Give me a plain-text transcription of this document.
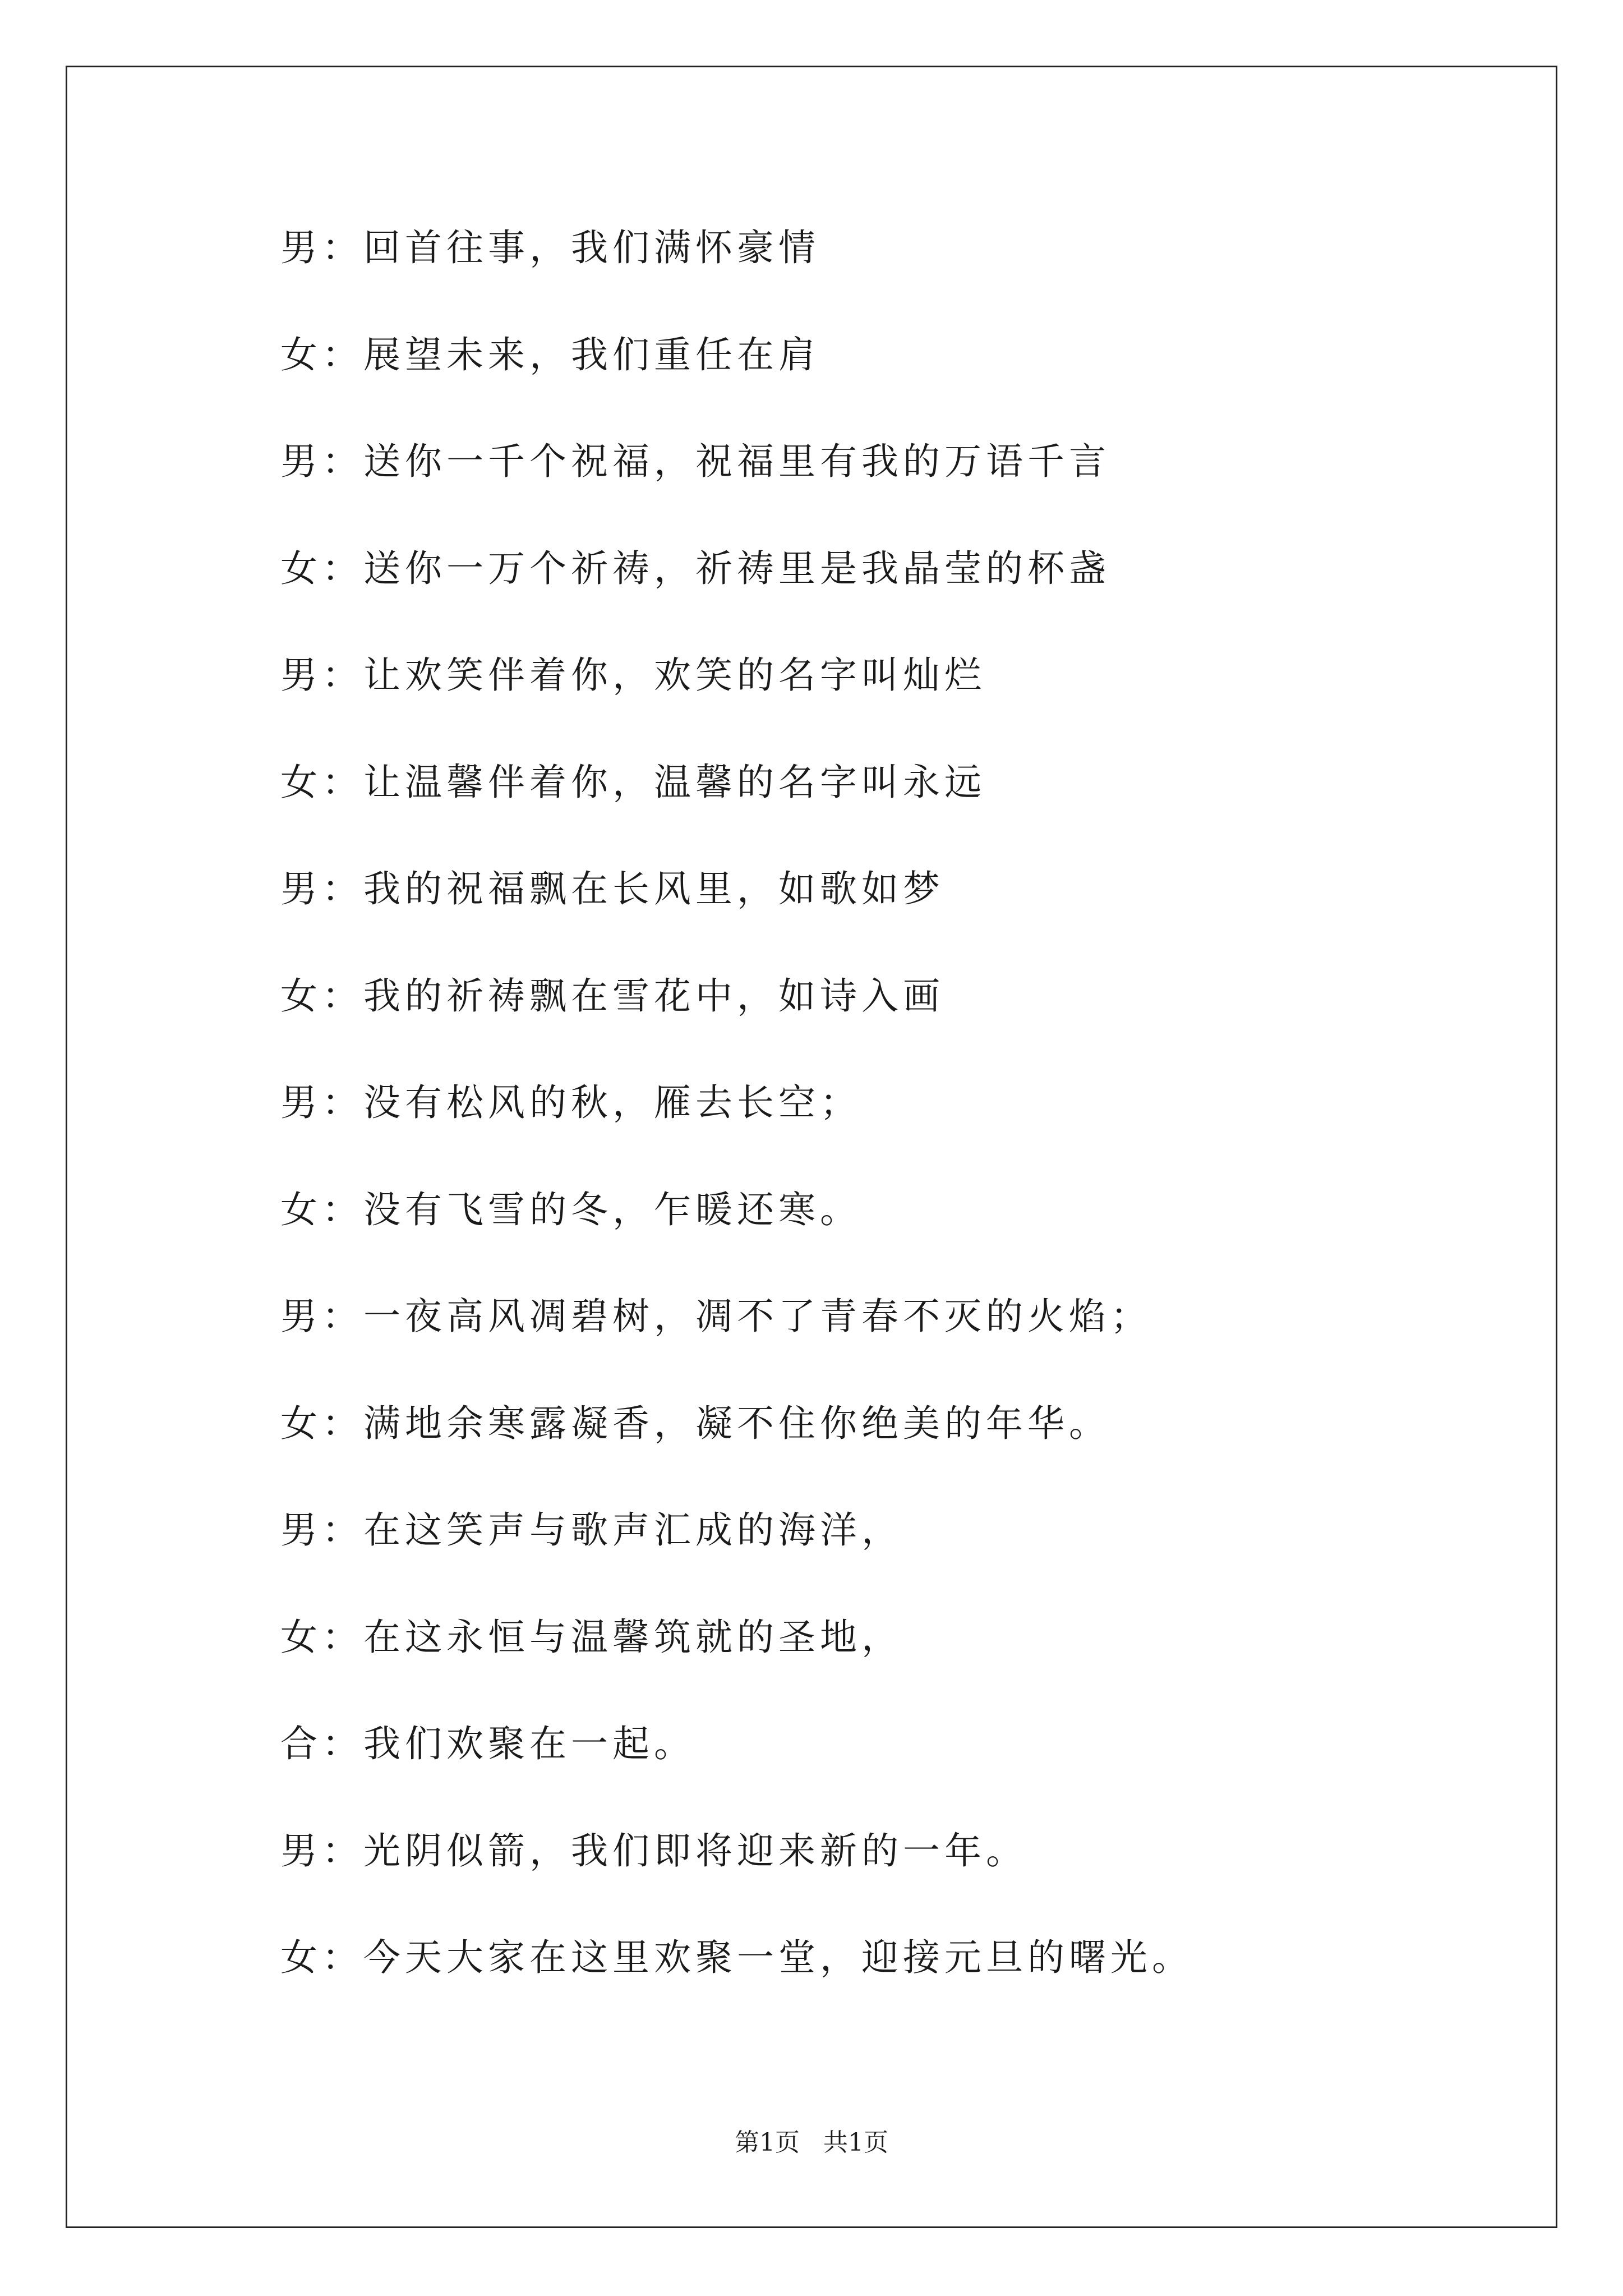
男：回首往事，我们满怀豪情
女：展望未来，我们重任在肩
男：送你一千个祝福，祝福里有我的万语千言
女：送你一万个祈祷，祈祷里是我晶莹的杯盏
男：让欢笑伴着你，欢笑的名字叫灿烂
女：让温馨伴着你，温馨的名字叫永远
男：我的祝福飘在长风里，如歌如梦
女：我的祈祷飘在雪花中，如诗入画
男：没有松风的秋，雁去长空；
女：没有飞雪的冬，乍暖还寒。
男：一夜高风凋碧树，凋不了青春不灭的火焰；
女：满地余寒露凝香，凝不住你绝美的年华。
男：在这笑声与歌声汇成的海洋，
女：在这永恒与温馨筑就的圣地，
合：我们欢聚在一起。
男：光阴似箭，我们即将迎来新的一年。
女：今天大家在这里欢聚一堂，迎接元旦的曙光。
第1页   共1页
